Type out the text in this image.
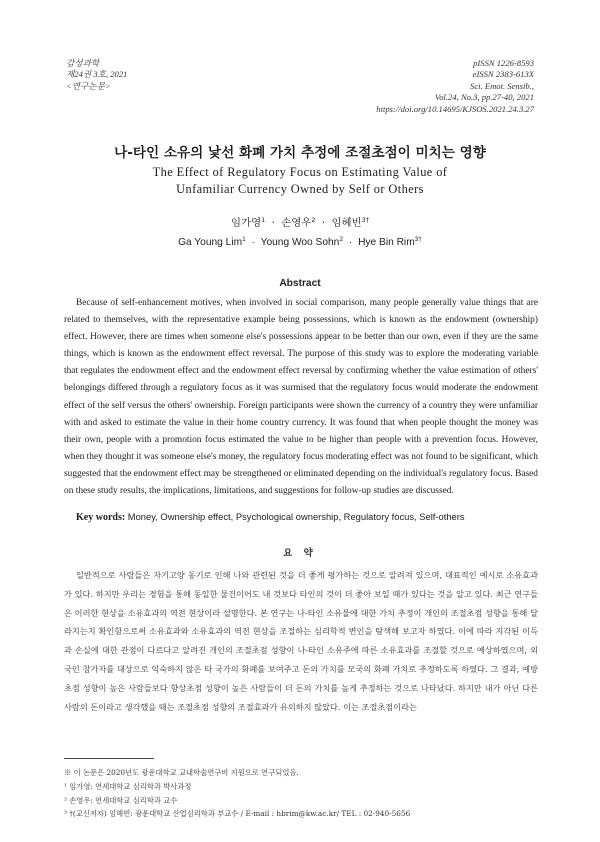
감성과학
제24권 3호, 2021
<연구논문>
pISSN 1226-8593
eISSN 2383-613X
Sci. Emot. Sensib.,
Vol.24, No.3, pp.27-40, 2021
https://doi.org/10.14695/KJSOS.2021.24.3.27
나-타인 소유의 낯선 화폐 가치 추정에 조절초점이 미치는 영향
The Effect of Regulatory Focus on Estimating Value of
Unfamiliar Currency Owned by Self or Others
임가영$^1$ · 손영우$^2$ · 임혜빈$^{3\dagger}$
Ga Young Lim$^1$ · Young Woo Sohn$^2$ · Hye Bin Rim$^{3\dagger}$
Abstract

Because of self-enhancement motives, when involved in social comparison, many people generally value things that are related to themselves, with the representative example being possessions, which is known as the endowment (ownership) effect. However, there are times when someone else's possessions appear to be better than our own, even if they are the same things, which is known as the endowment effect reversal. The purpose of this study was to explore the moderating variable that regulates the endowment effect and the endowment effect reversal by confirming whether the value estimation of others' belongings differed through a regulatory focus as it was surmised that the regulatory focus would moderate the endowment effect of the self versus the others' ownership. Foreign participants were shown the currency of a country they were unfamiliar with and asked to estimate the value in their home country currency. It was found that when people thought the money was their own, people with a promotion focus estimated the value to be higher than people with a prevention focus. However, when they thought it was someone else's money, the regulatory focus moderating effect was not found to be significant, which suggested that the endowment effect may be strengthened or eliminated depending on the individual's regulatory focus. Based on these study results, the implications, limitations, and suggestions for follow-up studies are discussed.

Key words: Money, Ownership effect, Psychological ownership, Regulatory focus, Self-others
요 약

일반적으로 사람들은 자기고양 동기로 인해 나와 관련된 것을 더 좋게 평가하는 것으로 알려져 있으며, 대표적인 예시로 소유효과가 있다. 하지만 우리는 경험을 통해 동일한 물건이어도 내 것보다 타인의 것이 더 좋아 보일 때가 있다는 것을 알고 있다. 최근 연구들은 이러한 현상을 소유효과의 역전 현상이라 설명한다. 본 연구는 나-타인 소유물에 대한 가치 추정이 개인의 조절초점 성향을 통해 달라지는지 확인함으로써 소유효과와 소유효과의 역전 현상을 조절하는 심리학적 변인을 탐색해 보고자 하였다. 이에 따라 지각된 이득과 손실에 대한 관점이 다르다고 알려진 개인의 조절초점 성향이 나-타인 소유주에 따른 소유효과를 조절할 것으로 예상하였으며, 외국인 참가자를 대상으로 익숙하지 않은 타 국가의 화폐를 보여주고 돈의 가치를 모국의 화폐 가치로 추정하도록 하였다. 그 결과, 예방초점 성향이 높은 사람들보다 향상초점 성향이 높은 사람들이 더 돈의 가치를 높게 추정하는 것으로 나타났다. 하지만 내가 아닌 다른 사람의 돈이라고 생각했을 때는 조절초점 성향의 조절효과가 유의하지 않았다. 이는 조절초점이라는

※ 이 논문은 2020년도 광운대학교 교내학술연구비 지원으로 연구되었음.
¹ 임가영: 연세대학교 심리학과 박사과정
² 손영우: 연세대학교 심리학과 교수
³ †(교신저자) 임혜빈: 광운대학교 산업심리학과 부교수 / E-mail : hbrim@kw.ac.kr/ TEL : 02-940-5656
